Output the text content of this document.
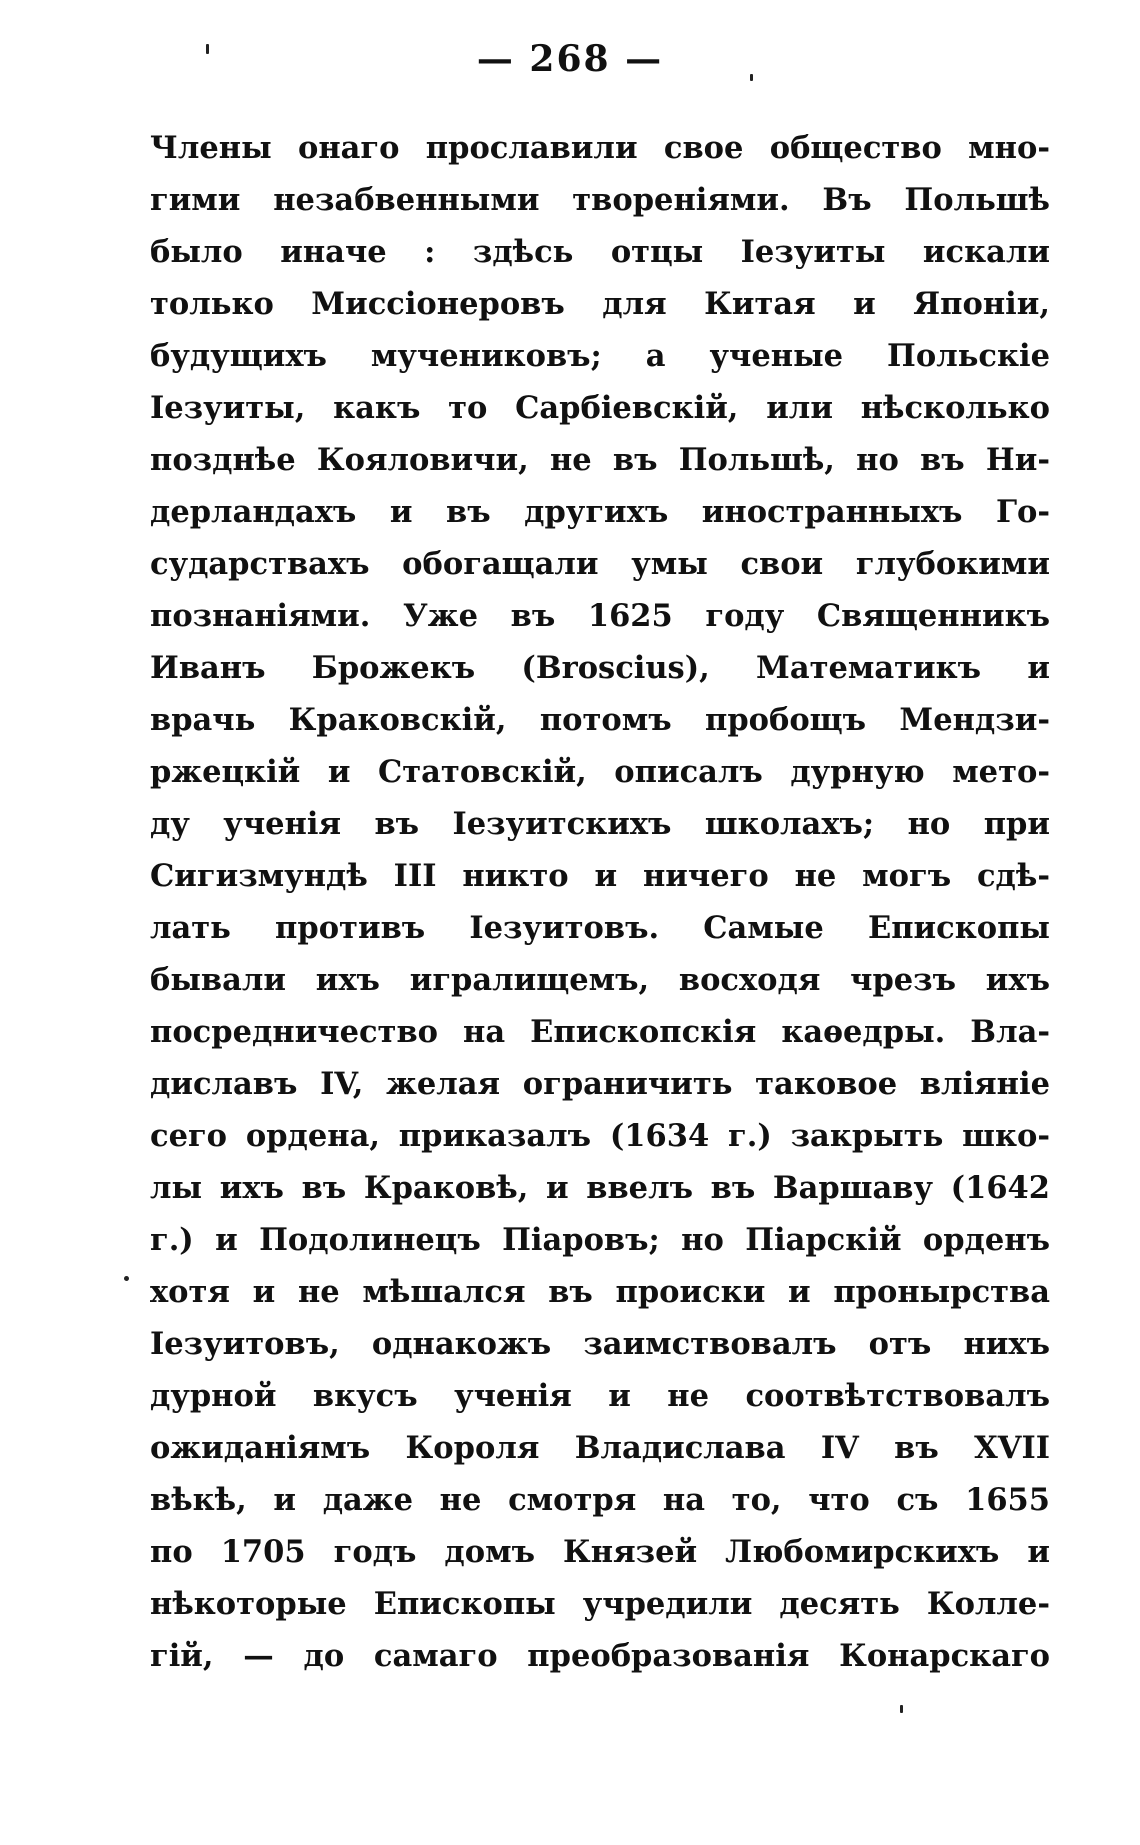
— 268 —
Члены онаго прославили свое общество мно-
гими незабвенными твореніями. Въ Польшѣ
было иначе : здѣсь отцы Іезуиты искали
только Миссіонеровъ для Китая и Японіи,
будущихъ мучениковъ; а ученые Польскіе
Іезуиты, какъ то Сарбіевскій, или нѣсколько
позднѣе Кояловичи, не въ Польшѣ, но въ Ни-
дерландахъ и въ другихъ иностранныхъ Го-
сударствахъ обогащали умы свои глубокими
познаніями. Уже въ 1625 году Священникъ
Иванъ Брожекъ (Broscius), Математикъ и
врачь Краковскій, потомъ пробощъ Мендзи-
ржецкій и Статовскій, описалъ дурную мето-
ду ученія въ Іезуитскихъ школахъ; но при
Сигизмундѣ III никто и ничего не могъ сдѣ-
лать противъ Іезуитовъ. Самые Епископы
бывали ихъ игралищемъ, восходя чрезъ ихъ
посредничество на Епископскія каѳедры. Вла-
диславъ IV, желая ограничить таковое вліяніе
сего ордена, приказалъ (1634 г.) закрыть шко-
лы ихъ въ Краковѣ, и ввелъ въ Варшаву (1642
г.) и Подолинецъ Піаровъ; но Піарскій орденъ
хотя и не мѣшался въ происки и пронырства
Іезуитовъ, однакожъ заимствовалъ отъ нихъ
дурной вкусъ ученія и не соотвѣтствовалъ
ожиданіямъ Короля Владислава IV въ XVII
вѣкѣ, и даже не смотря на то, что съ 1655
по 1705 годъ домъ Князей Любомирскихъ и
нѣкоторые Епископы учредили десять Колле-
гій, — до самаго преобразованія Конарскаго
